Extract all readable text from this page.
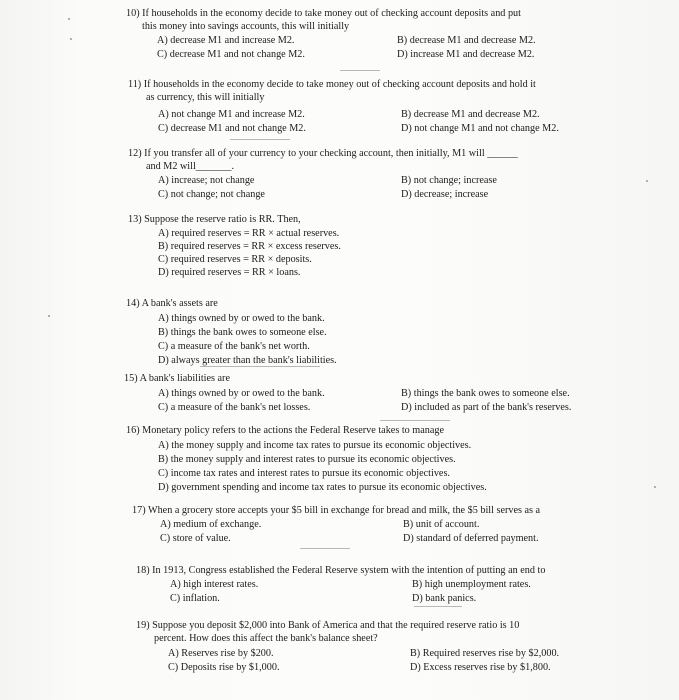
10) If households in the economy decide to take money out of checking account deposits and put
this money into savings accounts, this will initially
A) decrease M1 and increase M2.	B) decrease M1 and decrease M2.
C) decrease M1 and not change M2.	D) increase M1 and decrease M2.
11) If households in the economy decide to take money out of checking account deposits and hold it
as currency, this will initially
A) not change M1 and increase M2.	B) decrease M1 and decrease M2.
C) decrease M1 and not change M2.	D) not change M1 and not change M2.
12) If you transfer all of your currency to your checking account, then initially, M1 will ______
and M2 will_______.
A) increase; not change	B) not change; increase
C) not change; not change	D) decrease; increase
13) Suppose the reserve ratio is RR. Then,
A) required reserves = RR × actual reserves.
B) required reserves = RR × excess reserves.
C) required reserves = RR × deposits.
D) required reserves = RR × loans.
14) A bank's assets are
A) things owned by or owed to the bank.
B) things the bank owes to someone else.
C) a measure of the bank's net worth.
D) always greater than the bank's liabilities.
15) A bank's liabilities are
A) things owned by or owed to the bank.	B) things the bank owes to someone else.
C) a measure of the bank's net losses.	D) included as part of the bank's reserves.
16) Monetary policy refers to the actions the Federal Reserve takes to manage
A) the money supply and income tax rates to pursue its economic objectives.
B) the money supply and interest rates to pursue its economic objectives.
C) income tax rates and interest rates to pursue its economic objectives.
D) government spending and income tax rates to pursue its economic objectives.
17) When a grocery store accepts your $5 bill in exchange for bread and milk, the $5 bill serves as a
A) medium of exchange.	B) unit of account.
C) store of value.	D) standard of deferred payment.
18) In 1913, Congress established the Federal Reserve system with the intention of putting an end to
A) high interest rates.	B) high unemployment rates.
C) inflation.	D) bank panics.
19) Suppose you deposit $2,000 into Bank of America and that the required reserve ratio is 10
percent. How does this affect the bank's balance sheet?
A) Reserves rise by $200.	B) Required reserves rise by $2,000.
C) Deposits rise by $1,000.	D) Excess reserves rise by $1,800.
